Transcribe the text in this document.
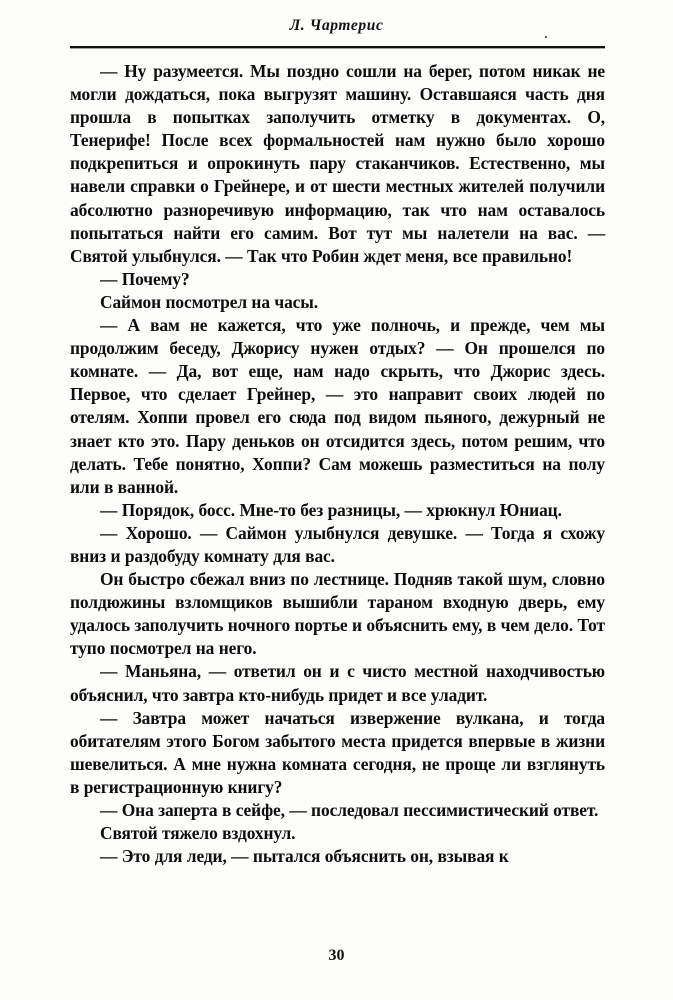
Л. Чартерис

— Ну разумеется. Мы поздно сошли на берег, потом никак не могли дождаться, пока выгрузят машину. Оставшаяся часть дня прошла в попытках заполучить отметку в документах. О, Тенерифе! После всех формальностей нам нужно было хорошо подкрепиться и опрокинуть пару стаканчиков. Естественно, мы навели справки о Грейнере, и от шести местных жителей получили абсолютно разноречивую информацию, так что нам оставалось попытаться найти его самим. Вот тут мы налетели на вас. — Святой улыбнулся. — Так что Робин ждет меня, все правильно!

— Почему?

Саймон посмотрел на часы.

— А вам не кажется, что уже полночь, и прежде, чем мы продолжим беседу, Джорису нужен отдых? — Он прошелся по комнате. — Да, вот еще, нам надо скрыть, что Джорис здесь. Первое, что сделает Грейнер, — это направит своих людей по отелям. Хоппи провел его сюда под видом пьяного, дежурный не знает кто это. Пару деньков он отсидится здесь, потом решим, что делать. Тебе понятно, Хоппи? Сам можешь разместиться на полу или в ванной.

— Порядок, босс. Мне-то без разницы, — хрюкнул Юниац.

— Хорошо. — Саймон улыбнулся девушке. — Тогда я схожу вниз и раздобуду комнату для вас.

Он быстро сбежал вниз по лестнице. Подняв такой шум, словно полдюжины взломщиков вышибли тараном входную дверь, ему удалось заполучить ночного портье и объяснить ему, в чем дело. Тот тупо посмотрел на него.

— Маньяна, — ответил он и с чисто местной находчивостью объяснил, что завтра кто-нибудь придет и все уладит.

— Завтра может начаться извержение вулкана, и тогда обитателям этого Богом забытого места придется впервые в жизни шевелиться. А мне нужна комната сегодня, не проще ли взглянуть в регистрационную книгу?

— Она заперта в сейфе, — последовал пессимистический ответ.

Святой тяжело вздохнул.

— Это для леди, — пытался объяснить он, взывая к

30
